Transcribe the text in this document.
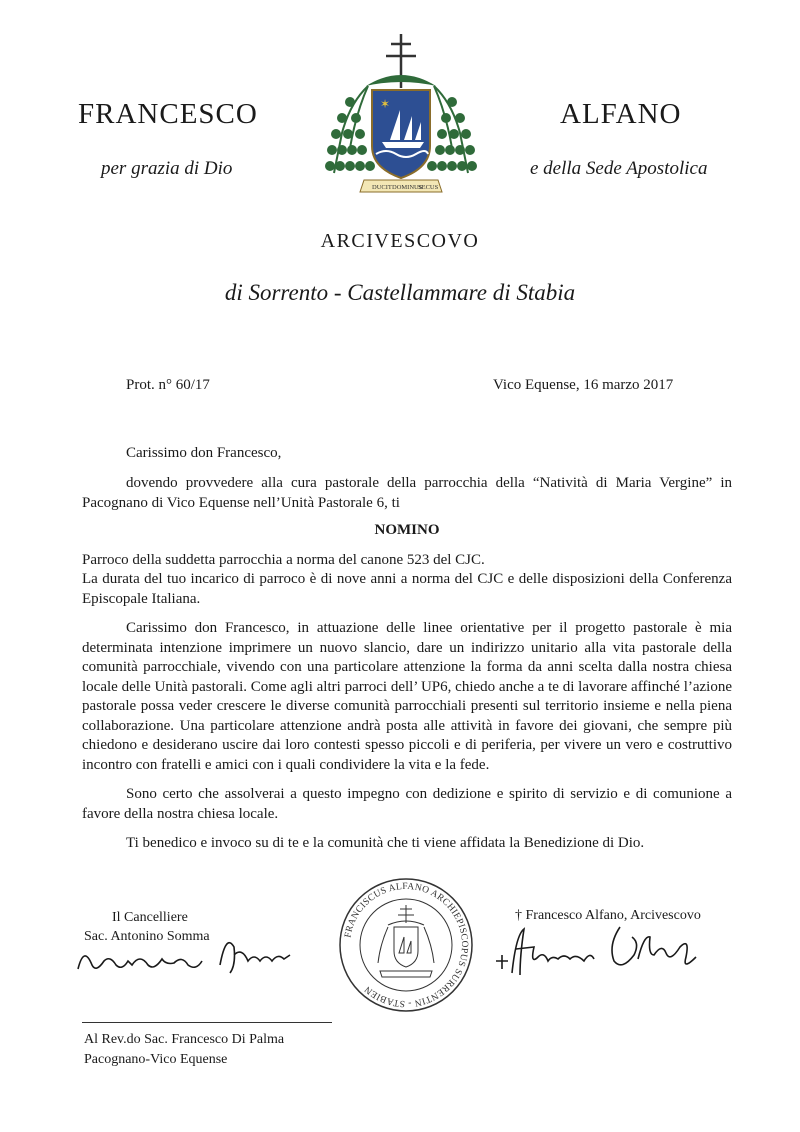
FRANCESCO	ALFANO
per grazia di Dio	e della Sede Apostolica
✶
DUCIT DOMINUS
SECUS
ARCIVESCOVO
di Sorrento - Castellammare di Stabia
Prot. n° 60/17	Vico Equense, 16 marzo 2017
Carissimo don Francesco,

dovendo provvedere alla cura pastorale della parrocchia della “Natività di Maria Vergine” in Pacognano di Vico Equense nell’Unità Pastorale 6, ti

NOMINO

Parroco della suddetta parrocchia a norma del canone 523 del CJC.

La durata del tuo incarico di parroco è di nove anni a norma del CJC e delle disposizioni della Conferenza Episcopale Italiana.

Carissimo don Francesco, in attuazione delle linee orientative per il progetto pastorale è mia determinata intenzione imprimere un nuovo slancio, dare un indirizzo unitario alla vita pastorale della comunità parrocchiale, vivendo con una particolare attenzione la forma da anni scelta dalla nostra chiesa locale delle Unità pastorali. Come agli altri parroci dell’ UP6, chiedo anche a te di lavorare affinché l’azione pastorale possa veder crescere le diverse comunità parrocchiali presenti sul territorio insieme e nella piena collaborazione. Una particolare attenzione andrà posta alle attività in favore dei giovani, che sempre più chiedono e desiderano uscire dai loro contesti spesso piccoli e di periferia, per vivere un vero e costruttivo incontro con fratelli e amici con i quali condividere la vita e la fede.

Sono certo che assolverai a questo impegno con dedizione e spirito di servizio e di comunione a favore della nostra chiesa locale.

Ti benedico e invoco su di te e la comunità che ti viene affidata la Benedizione di Dio.

Il Cancelliere
Sac. Antonino Somma	FRANCISCUS ALFANO ARCHIEPISCOPUS SURRENTIN - STABIEN
† Francesco Alfano, Arcivescovo
Al Rev.do Sac. Francesco Di Palma
Pacognano-Vico Equense
